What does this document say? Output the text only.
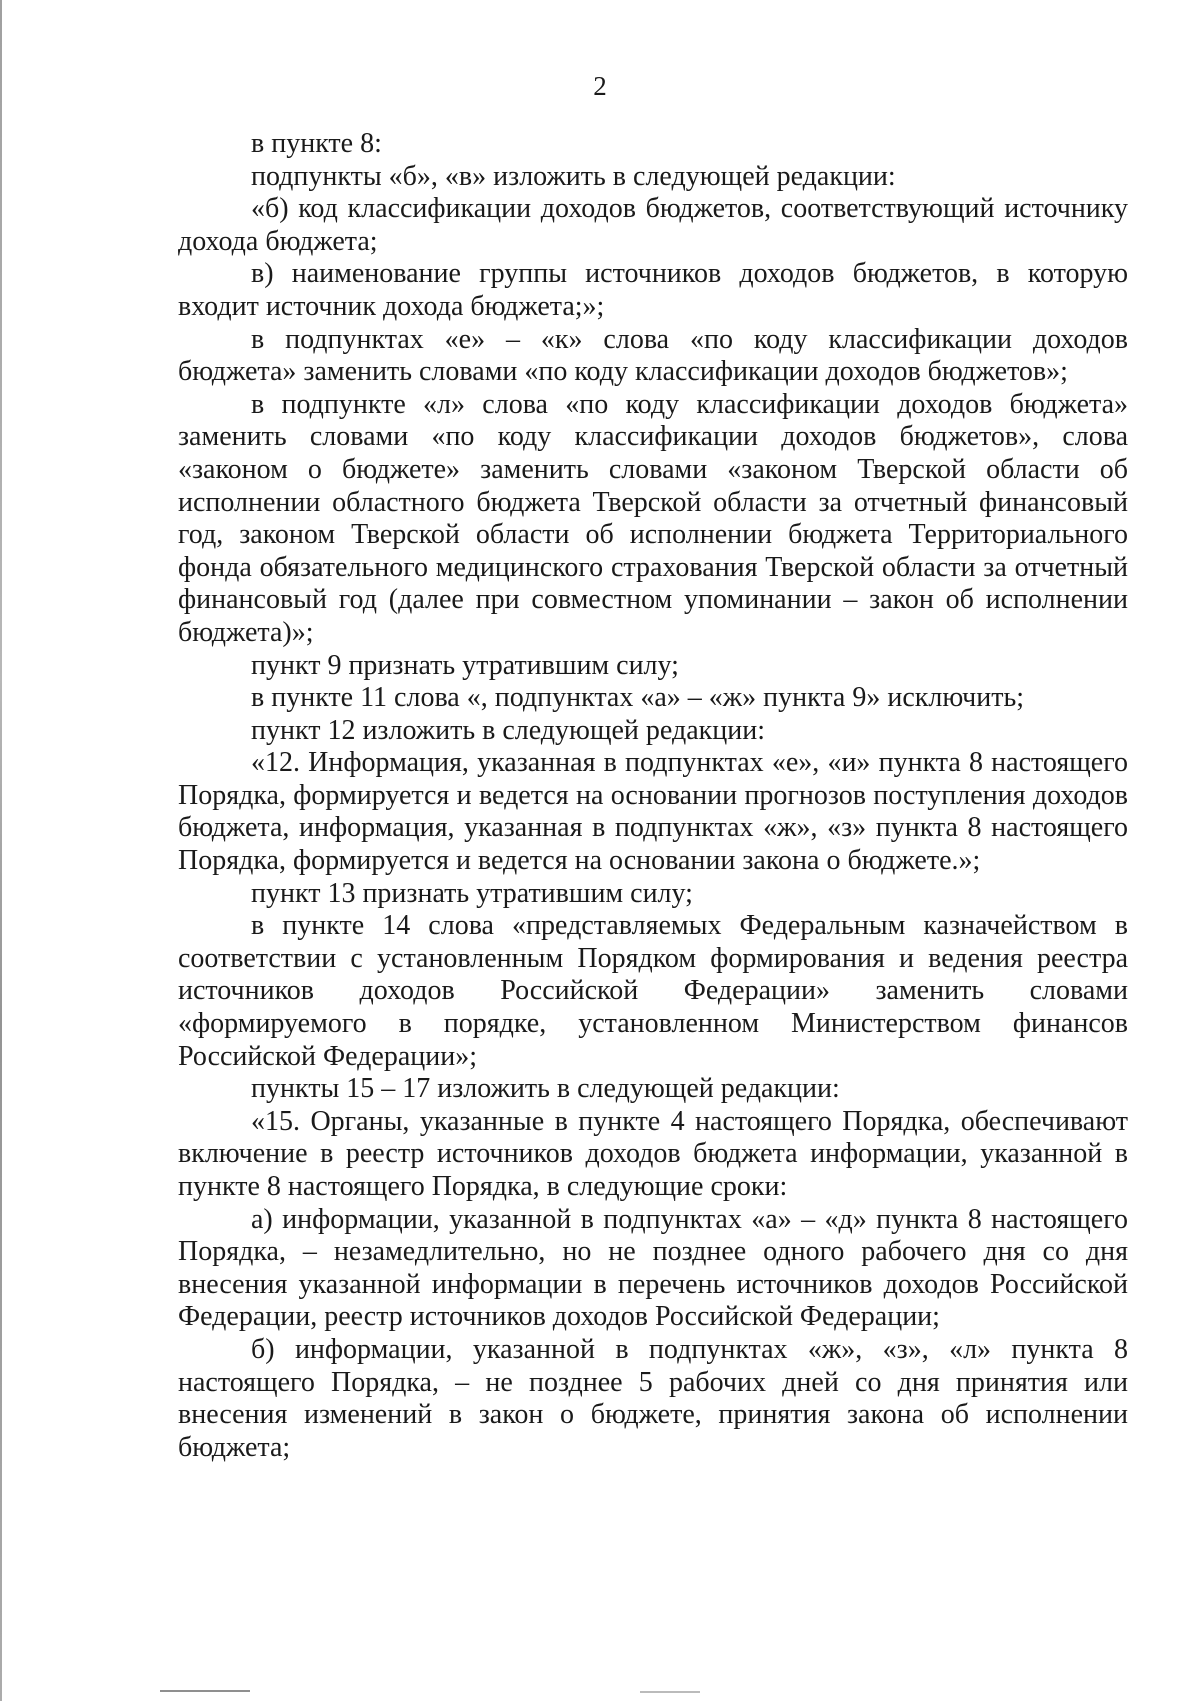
2

в пункте 8:

подпункты «б», «в» изложить в следующей редакции:

«б) код классификации доходов бюджетов, соответствующий источнику дохода бюджета;

в) наименование группы источников доходов бюджетов, в которую входит источник дохода бюджета;»;

в подпунктах «е» – «к» слова «по коду классификации доходов бюджета» заменить словами «по коду классификации доходов бюджетов»;

в подпункте «л» слова «по коду классификации доходов бюджета» заменить словами «по коду классификации доходов бюджетов», слова «законом о бюджете» заменить словами «законом Тверской области об исполнении областного бюджета Тверской области за отчетный финансовый год, законом Тверской области об исполнении бюджета Территориального фонда обязательного медицинского страхования Тверской области за отчетный финансовый год (далее при совместном упоминании – закон об исполнении бюджета)»;

пункт 9 признать утратившим силу;

в пункте 11 слова «, подпунктах «а» – «ж» пункта 9» исключить;

пункт 12 изложить в следующей редакции:

«12. Информация, указанная в подпунктах «е», «и» пункта 8 настоящего Порядка, формируется и ведется на основании прогнозов поступления доходов бюджета, информация, указанная в подпунктах «ж», «з» пункта 8 настоящего Порядка, формируется и ведется на основании закона о бюджете.»;

пункт 13 признать утратившим силу;

в пункте 14 слова «представляемых Федеральным казначейством в соответствии с установленным Порядком формирования и ведения реестра источников доходов Российской Федерации» заменить словами «формируемого в порядке, установленном Министерством финансов Российской Федерации»;

пункты 15 – 17 изложить в следующей редакции:

«15. Органы, указанные в пункте 4 настоящего Порядка, обеспечивают включение в реестр источников доходов бюджета информации, указанной в пункте 8 настоящего Порядка, в следующие сроки:

а) информации, указанной в подпунктах «а» – «д» пункта 8 настоящего Порядка, – незамедлительно, но не позднее одного рабочего дня со дня внесения указанной информации в перечень источников доходов Российской Федерации, реестр источников доходов Российской Федерации;

б) информации, указанной в подпунктах «ж», «з», «л» пункта 8 настоящего Порядка, – не позднее 5 рабочих дней со дня принятия или внесения изменений в закон о бюджете, принятия закона об исполнении бюджета;
